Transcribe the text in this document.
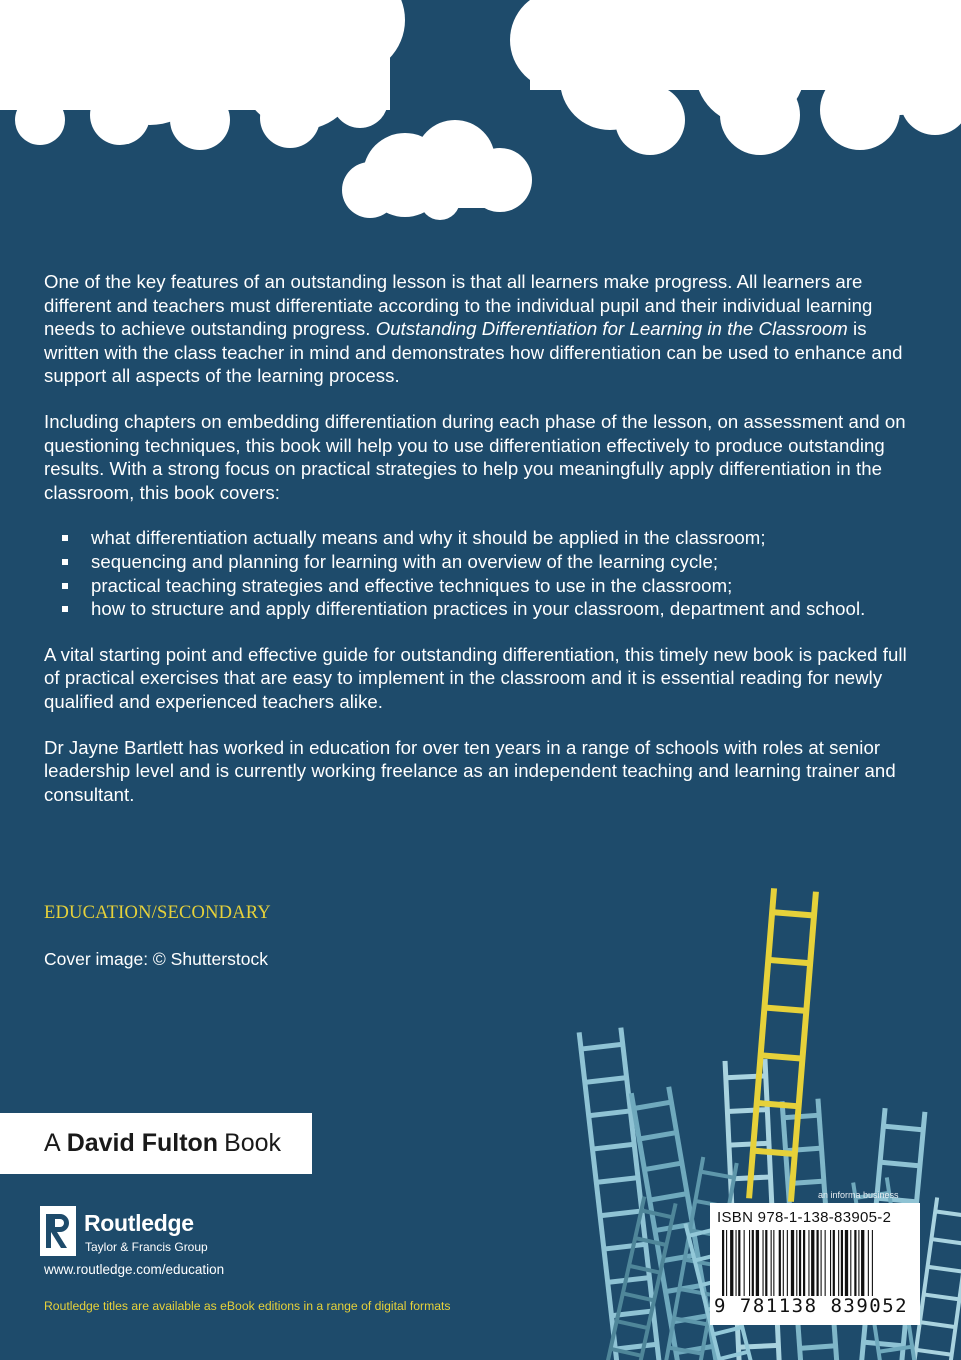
One of the key features of an outstanding lesson is that all learners make progress. All learners are different and teachers must differentiate according to the individual pupil and their individual learning needs to achieve outstanding progress. Outstanding Differentiation for Learning in the Classroom is written with the class teacher in mind and demonstrates how differentiation can be used to enhance and support all aspects of the learning process.

Including chapters on embedding differentiation during each phase of the lesson, on assessment and on questioning techniques, this book will help you to use differentiation effectively to produce outstanding results. With a strong focus on practical strategies to help you meaningfully apply differentiation in the classroom, this book covers:

what differentiation actually means and why it should be applied in the classroom;
sequencing and planning for learning with an overview of the learning cycle;
practical teaching strategies and effective techniques to use in the classroom;
how to structure and apply differentiation practices in your classroom, department and school.

A vital starting point and effective guide for outstanding differentiation, this timely new book is packed full of practical exercises that are easy to implement in the classroom and it is essential reading for newly qualified and experienced teachers alike.

Dr Jayne Bartlett has worked in education for over ten years in a range of schools with roles at senior leadership level and is currently working freelance as an independent teaching and learning trainer and consultant.

EDUCATION/SECONDARY
Cover image: © Shutterstock
A David Fulton Book
Routledge
Taylor & Francis Group
www.routledge.com/education
Routledge titles are available as eBook editions in a range of digital formats
an informa business
ISBN 978-1-138-83905-2
9 781138 839052
